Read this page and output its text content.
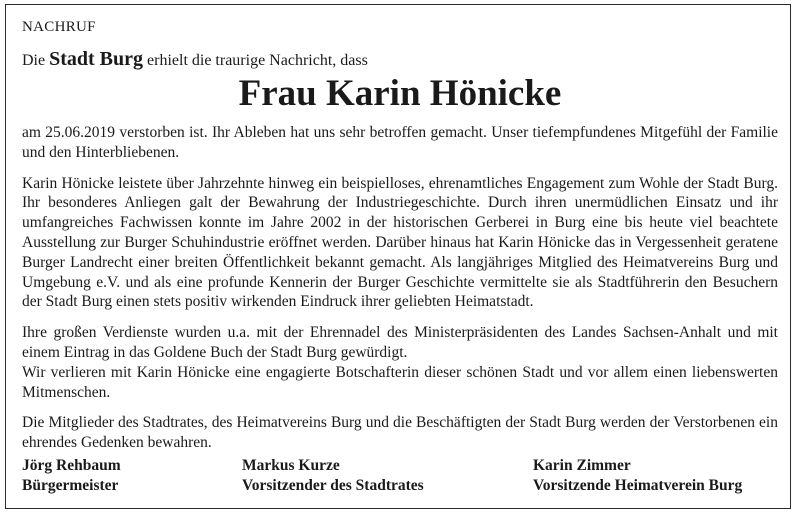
NACHRUF
Die Stadt Burg erhielt die traurige Nachricht, dass
Frau Karin Hönicke

am 25.06.2019 verstorben ist. Ihr Ableben hat uns sehr betroffen gemacht. Unser tiefempfundenes Mitgefühl der Familie und den Hinterbliebenen.

Karin Hönicke leistete über Jahrzehnte hinweg ein beispielloses, ehrenamtliches Engagement zum Wohle der Stadt Burg. Ihr besonderes Anliegen galt der Bewahrung der Industriegeschichte. Durch ihren unermüdlichen Einsatz und ihr umfangreiches Fachwissen konnte im Jahre 2002 in der historischen Gerberei in Burg eine bis heute viel beachtete Ausstellung zur Burger Schuhindustrie eröffnet werden. Darüber hinaus hat Karin Hönicke das in Vergessenheit geratene Burger Landrecht einer breiten Öffentlichkeit bekannt gemacht. Als langjähriges Mitglied des Heimatvereins Burg und Umgebung e.V. und als eine profunde Kennerin der Burger Geschichte vermittelte sie als Stadtführerin den Besuchern der Stadt Burg einen stets positiv wirkenden Eindruck ihrer geliebten Heimatstadt.

Ihre großen Verdienste wurden u.a. mit der Ehrennadel des Ministerpräsidenten des Landes Sachsen-Anhalt und mit einem Eintrag in das Goldene Buch der Stadt Burg gewürdigt.

Wir verlieren mit Karin Hönicke eine engagierte Botschafterin dieser schönen Stadt und vor allem einen liebenswerten Mitmenschen.

Die Mitglieder des Stadtrates, des Heimatvereins Burg und die Beschäftigten der Stadt Burg werden der Verstorbenen ein ehrendes Gedenken bewahren.

Jörg Rehbaum
Bürgermeister
Markus Kurze
Vorsitzender des Stadtrates
Karin Zimmer
Vorsitzende Heimatverein Burg
